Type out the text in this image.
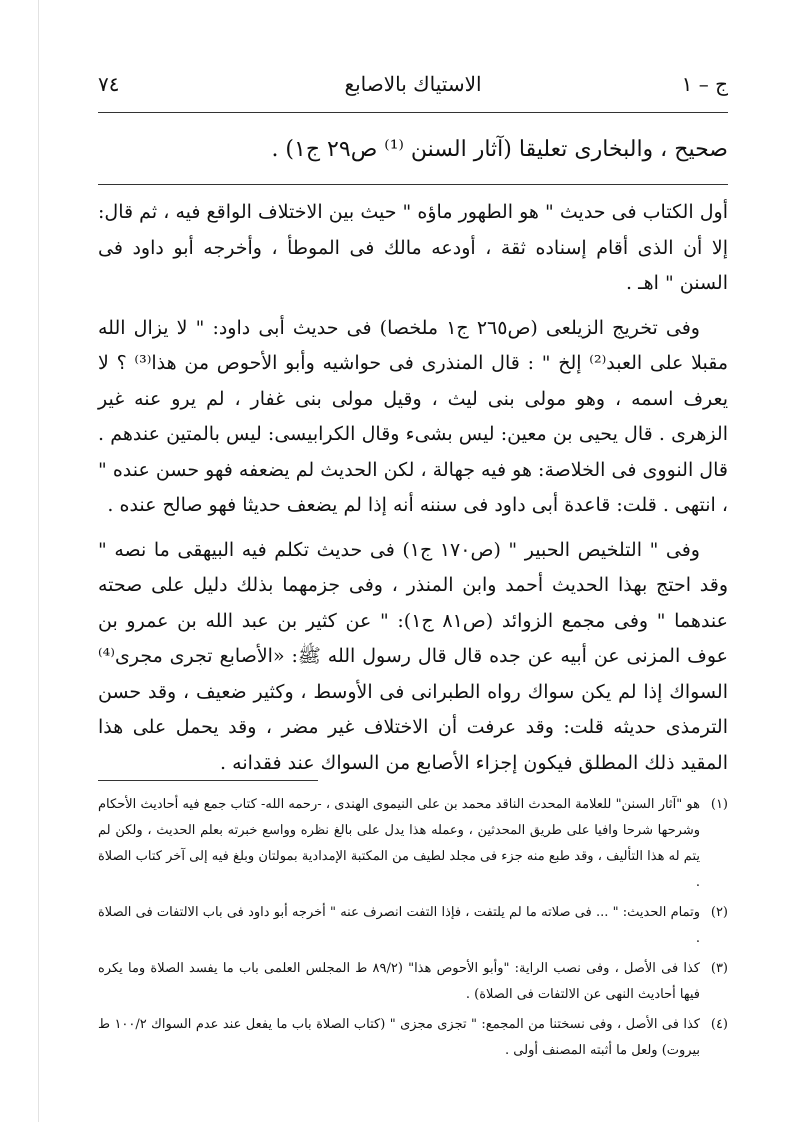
ج – ١
الاستياك بالاصابع
٧٤
صحيح ، والبخارى تعليقا (آثار السنن ⁽¹⁾ ص٢٩ ج١) .

أول الكتاب فى حديث " هو الطهور ماؤه " حيث بين الاختلاف الواقع فيه ، ثم قال: إلا أن الذى أقام إسناده ثقة ، أودعه مالك فى الموطأ ، وأخرجه أبو داود فى السنن " اهـ .

وفى تخريج الزيلعى (ص٢٦٥ ج١ ملخصا) فى حديث أبى داود: " لا يزال الله مقبلا على العبد⁽²⁾ إلخ " : قال المنذرى فى حواشيه وأبو الأحوص من هذا⁽³⁾ ؟ لا يعرف اسمه ، وهو مولى بنى ليث ، وقيل مولى بنى غفار ، لم يرو عنه غير الزهرى . قال يحيى بن معين: ليس بشىء وقال الكرابيسى: ليس بالمتين عندهم . قال النووى فى الخلاصة: هو فيه جهالة ، لكن الحديث لم يضعفه فهو حسن عنده " ، انتهى . قلت: قاعدة أبى داود فى سننه أنه إذا لم يضعف حديثا فهو صالح عنده .

وفى " التلخيص الحبير " (ص١٧٠ ج١) فى حديث تكلم فيه البيهقى ما نصه " وقد احتج بهذا الحديث أحمد وابن المنذر ، وفى جزمهما بذلك دليل على صحته عندهما " وفى مجمع الزوائد (ص٨١ ج١): " عن كثير بن عبد الله بن عمرو بن عوف المزنى عن أبيه عن جده قال قال رسول الله ﷺ: «الأصابع تجرى مجرى⁽⁴⁾ السواك إذا لم يكن سواك رواه الطبرانى فى الأوسط ، وكثير ضعيف ، وقد حسن الترمذى حديثه قلت: وقد عرفت أن الاختلاف غير مضر ، وقد يحمل على هذا المقيد ذلك المطلق فيكون إجزاء الأصابع من السواك عند فقدانه .

(١)
هو "آثار السنن" للعلامة المحدث الناقد محمد بن على النيموى الهندى ، -رحمه الله- كتاب جمع فيه أحاديث الأحكام وشرحها شرحا وافيا على طريق المحدثين ، وعمله هذا يدل على بالغ نظره وواسع خبرته بعلم الحديث ، ولكن لم يتم له هذا التأليف ، وقد طبع منه جزء فى مجلد لطيف من المكتبة الإمدادية بمولتان وبلغ فيه إلى آخر كتاب الصلاة .
(٢)
وتمام الحديث: " ... فى صلاته ما لم يلتفت ، فإذا التفت انصرف عنه " أخرجه أبو داود فى باب الالتفات فى الصلاة .
(٣)
كذا فى الأصل ، وفى نصب الراية: "وأبو الأحوص هذا" (٨٩/٢ ط المجلس العلمى باب ما يفسد الصلاة وما يكره فيها أحاديث النهى عن الالتفات فى الصلاة) .
(٤)
كذا فى الأصل ، وفى نسختنا من المجمع: " تجزى مجزى " (كتاب الصلاة باب ما يفعل عند عدم السواك ١٠٠/٢ ط بيروت) ولعل ما أثبته المصنف أولى .
